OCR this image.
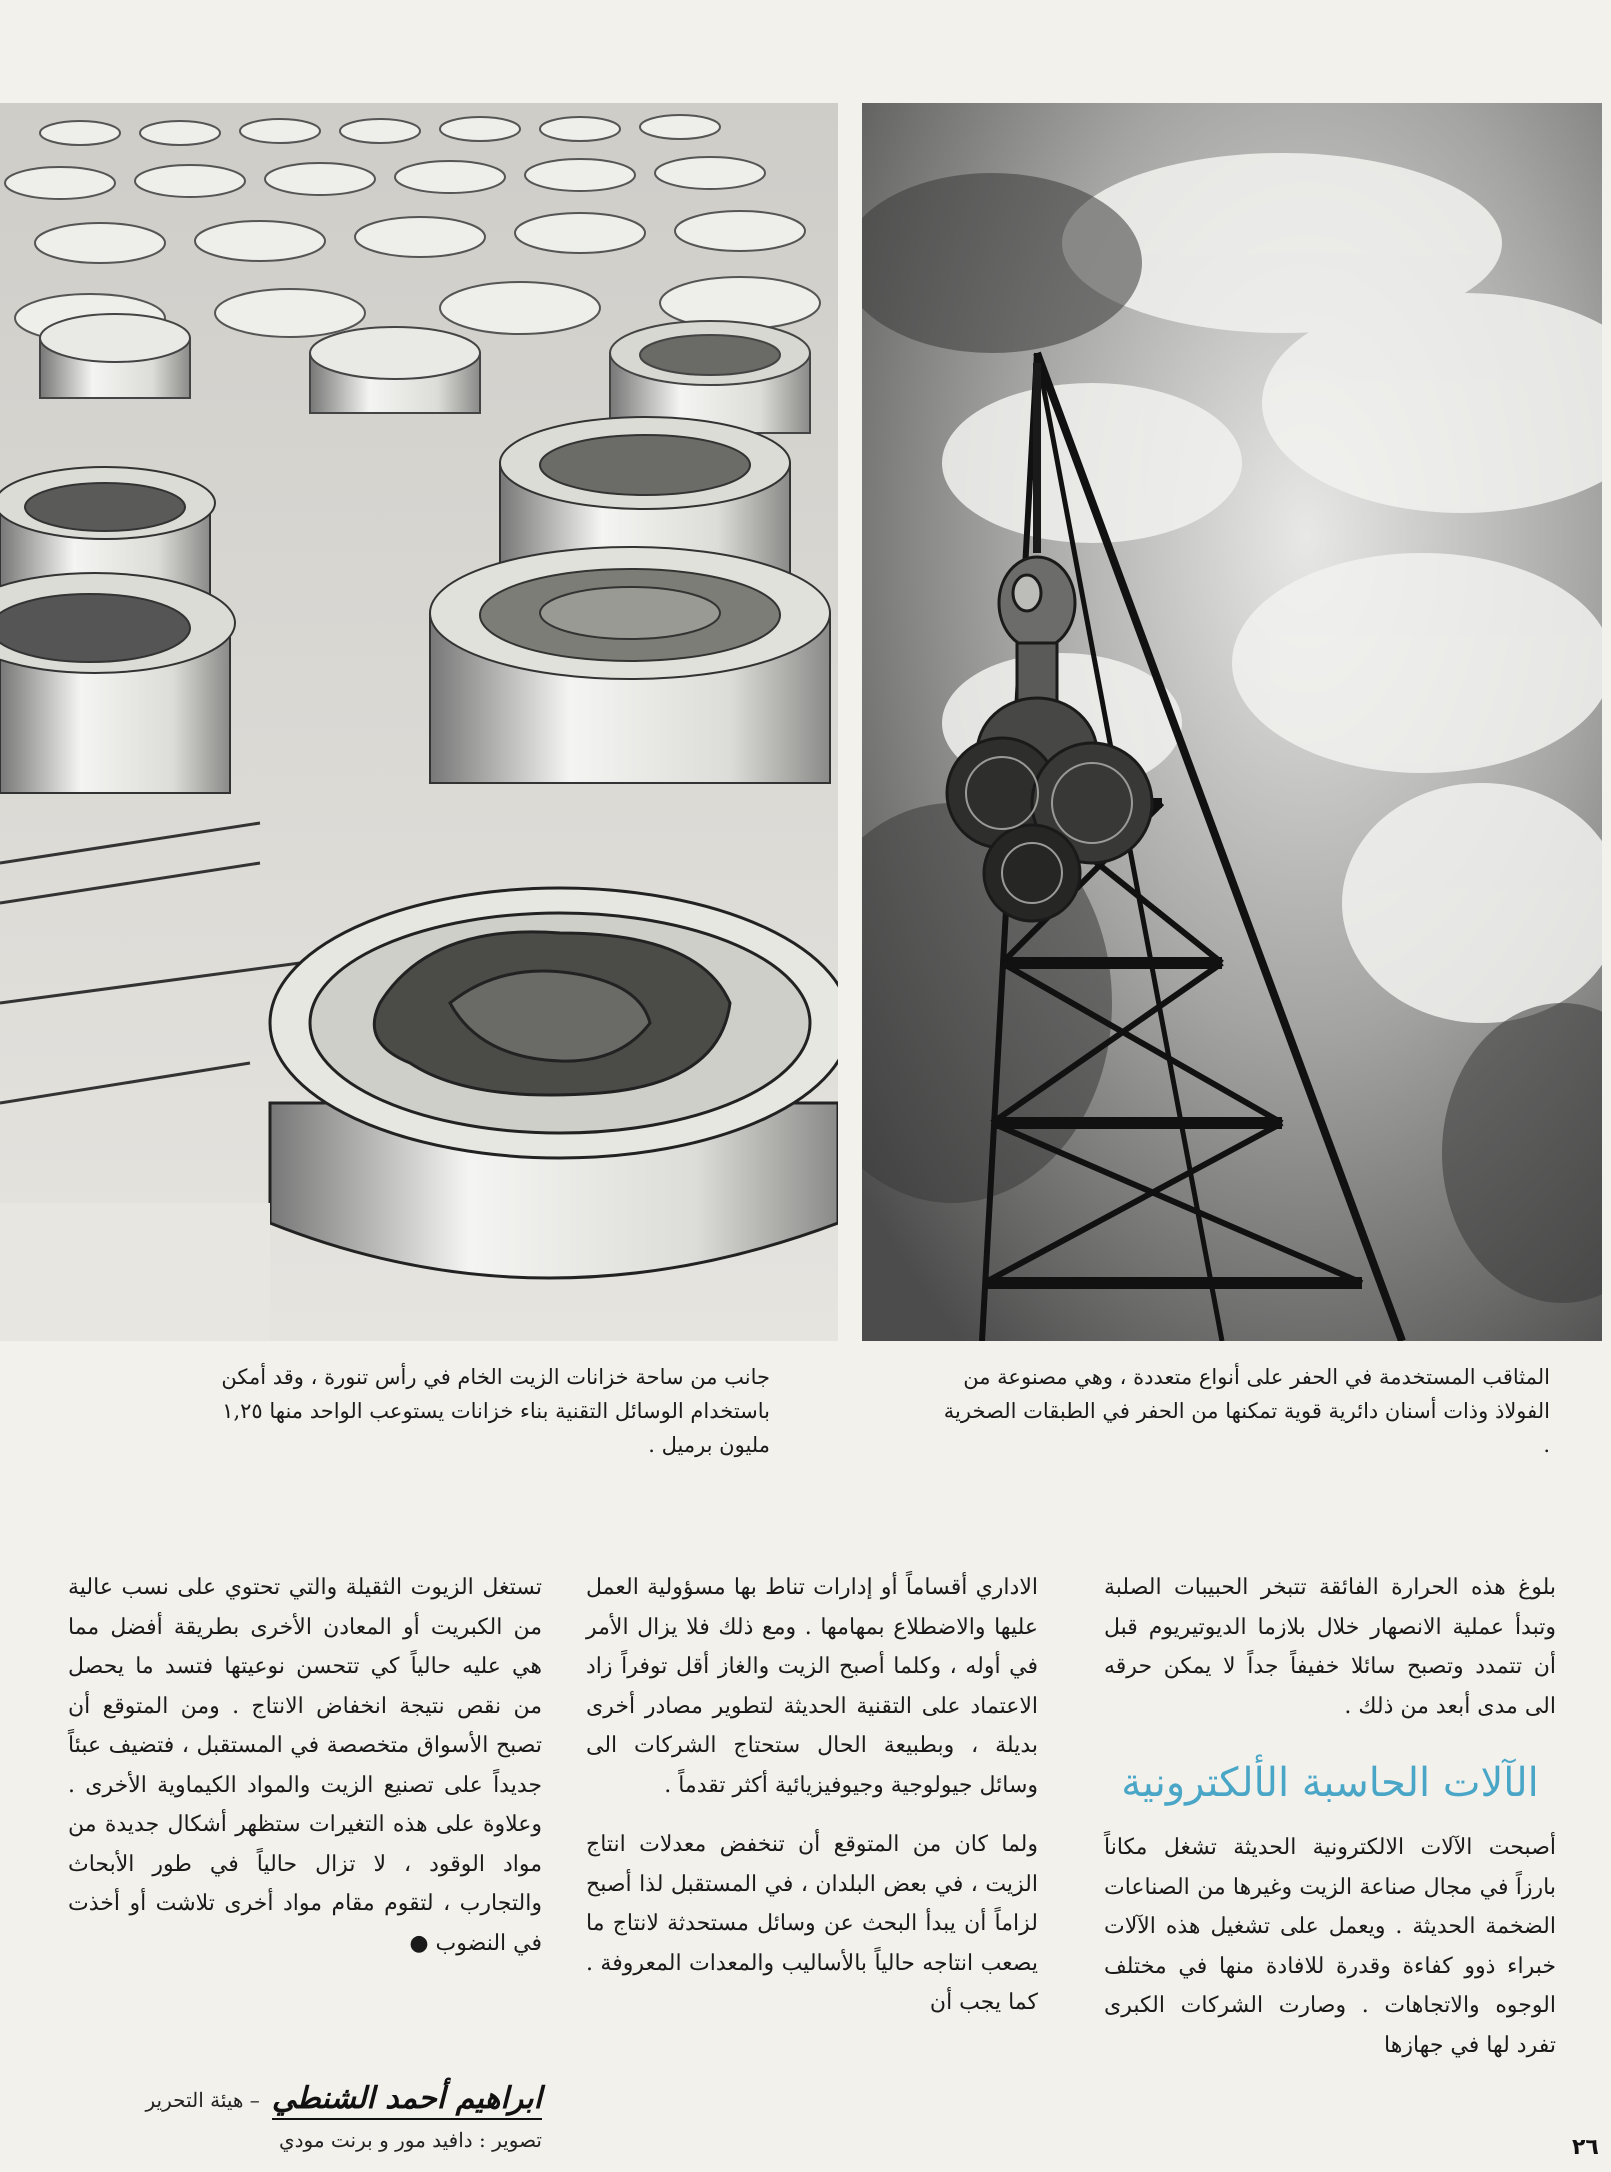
جانب من ساحة خزانات الزيت الخام في رأس تنورة ، وقد أمكن باستخدام الوسائل التقنية بناء خزانات يستوعب الواحد منها ١,٢٥ مليون برميل .
المثاقب المستخدمة في الحفر على أنواع متعددة ، وهي مصنوعة من الفولاذ وذات أسنان دائرية قوية تمكنها من الحفر في الطبقات الصخرية .

بلوغ هذه الحرارة الفائقة تتبخر الحبيبات الصلبة وتبدأ عملية الانصهار خلال بلازما الديوتيريوم قبل أن تتمدد وتصبح سائلا خفيفاً جداً لا يمكن حرقه الى مدى أبعد من ذلك .

الآلات الحاسبة الألكترونية

أصبحت الآلات الالكترونية الحديثة تشغل مكاناً بارزاً في مجال صناعة الزيت وغيرها من الصناعات الضخمة الحديثة . ويعمل على تشغيل هذه الآلات خبراء ذوو كفاءة وقدرة للافادة منها في مختلف الوجوه والاتجاهات . وصارت الشركات الكبرى تفرد لها في جهازها

الاداري أقساماً أو إدارات تناط بها مسؤولية العمل عليها والاضطلاع بمهامها . ومع ذلك فلا يزال الأمر في أوله ، وكلما أصبح الزيت والغاز أقل توفراً زاد الاعتماد على التقنية الحديثة لتطوير مصادر أخرى بديلة ، وبطبيعة الحال ستحتاج الشركات الى وسائل جيولوجية وجيوفيزيائية أكثر تقدماً .

ولما كان من المتوقع أن تنخفض معدلات انتاج الزيت ، في بعض البلدان ، في المستقبل لذا أصبح لزاماً أن يبدأ البحث عن وسائل مستحدثة لانتاج ما يصعب انتاجه حالياً بالأساليب والمعدات المعروفة . كما يجب أن

تستغل الزيوت الثقيلة والتي تحتوي على نسب عالية من الكبريت أو المعادن الأخرى بطريقة أفضل مما هي عليه حالياً كي تتحسن نوعيتها فتسد ما يحصل من نقص نتيجة انخفاض الانتاج . ومن المتوقع أن تصبح الأسواق متخصصة في المستقبل ، فتضيف عبئاً جديداً على تصنيع الزيت والمواد الكيماوية الأخرى . وعلاوة على هذه التغيرات ستظهر أشكال جديدة من مواد الوقود ، لا تزال حالياً في طور الأبحاث والتجارب ، لتقوم مقام مواد أخرى تلاشت أو أخذت في النضوب ●

ابراهيم أحمد الشنطي
– هيئة التحرير
تصوير : دافيد مور و برنت مودي	٢٦
